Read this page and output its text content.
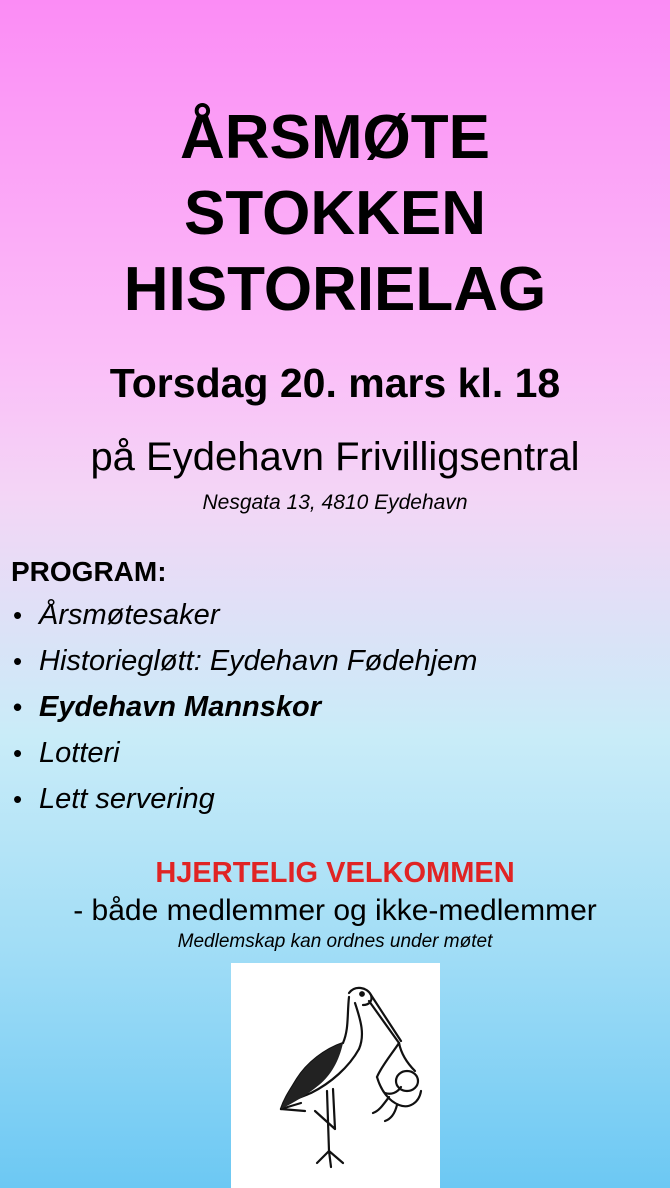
ÅRSMØTE
STOKKEN
HISTORIELAG
Torsdag 20. mars kl. 18
på Eydehavn Frivilligsentral
Nesgata 13, 4810 Eydehavn
PROGRAM:
• Årsmøtesaker
• Historiegløtt: Eydehavn Fødehjem
• Eydehavn Mannskor
• Lotteri
• Lett servering
HJERTELIG VELKOMMEN
- både medlemmer og ikke-medlemmer
Medlemskap kan ordnes under møtet
